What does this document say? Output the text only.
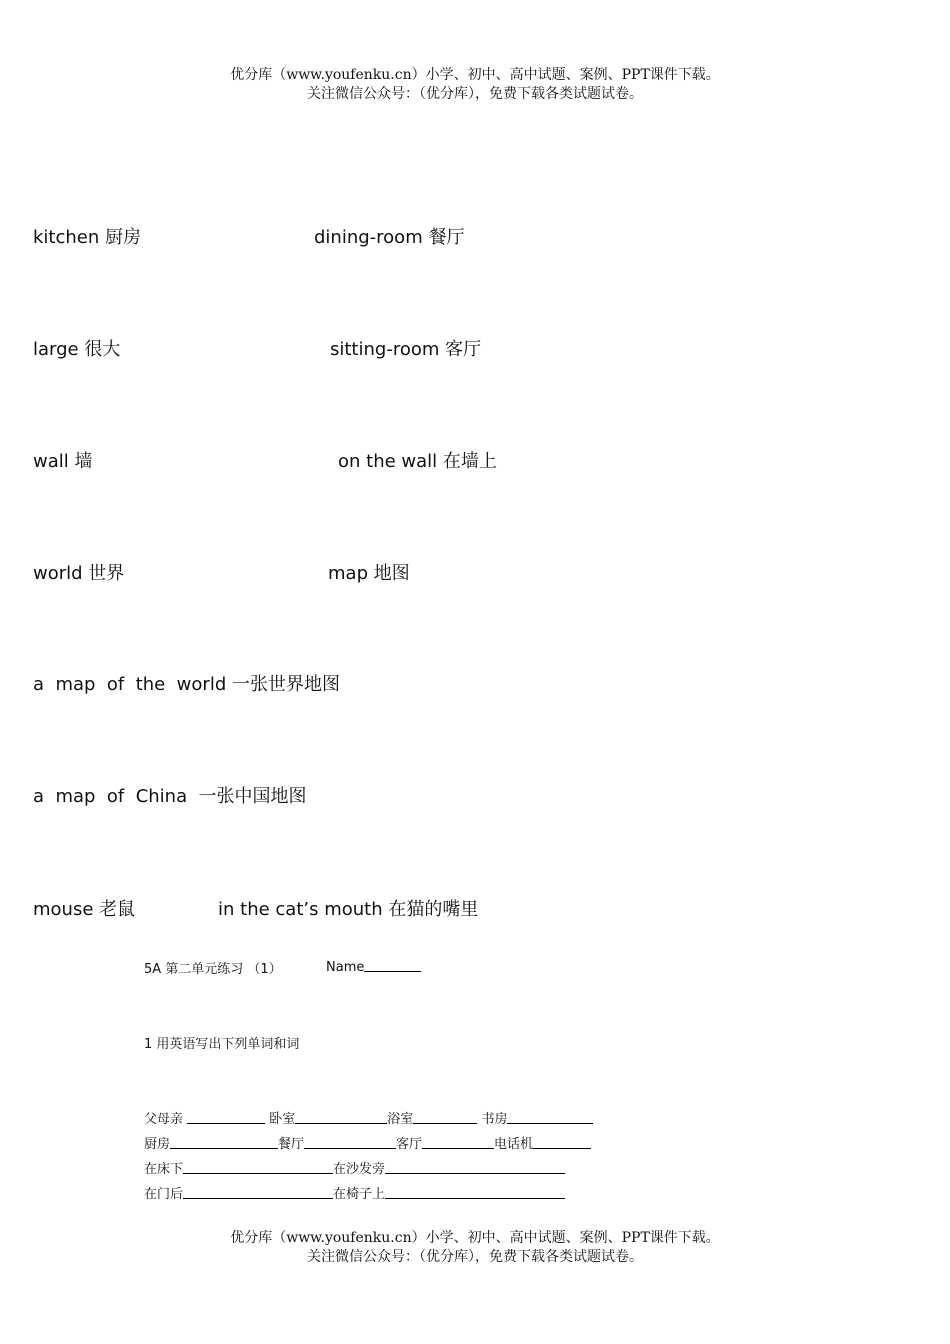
优分库（www.youfenku.cn）小学、初中、高中试题、案例、PPT课件下载。
关注微信公众号：（优分库），免费下载各类试题试卷。
kitchen 厨房	dining-room 餐厅
large 很大	sitting-room 客厅
wall 墙	on the wall 在墙上
world 世界	map 地图
a  map  of  the  world 一张世界地图
a  map  of  China  一张中国地图
mouse 老鼠	in the cat’s mouth 在猫的嘴里
5A 第二单元练习 （1）	Name
1 用英语写出下列单词和词
父母亲	卧室	浴室	书房
厨房	餐厅	客厅	电话机
在床下	在沙发旁
在门后	在椅子上
优分库（www.youfenku.cn）小学、初中、高中试题、案例、PPT课件下载。
关注微信公众号：（优分库），免费下载各类试题试卷。
